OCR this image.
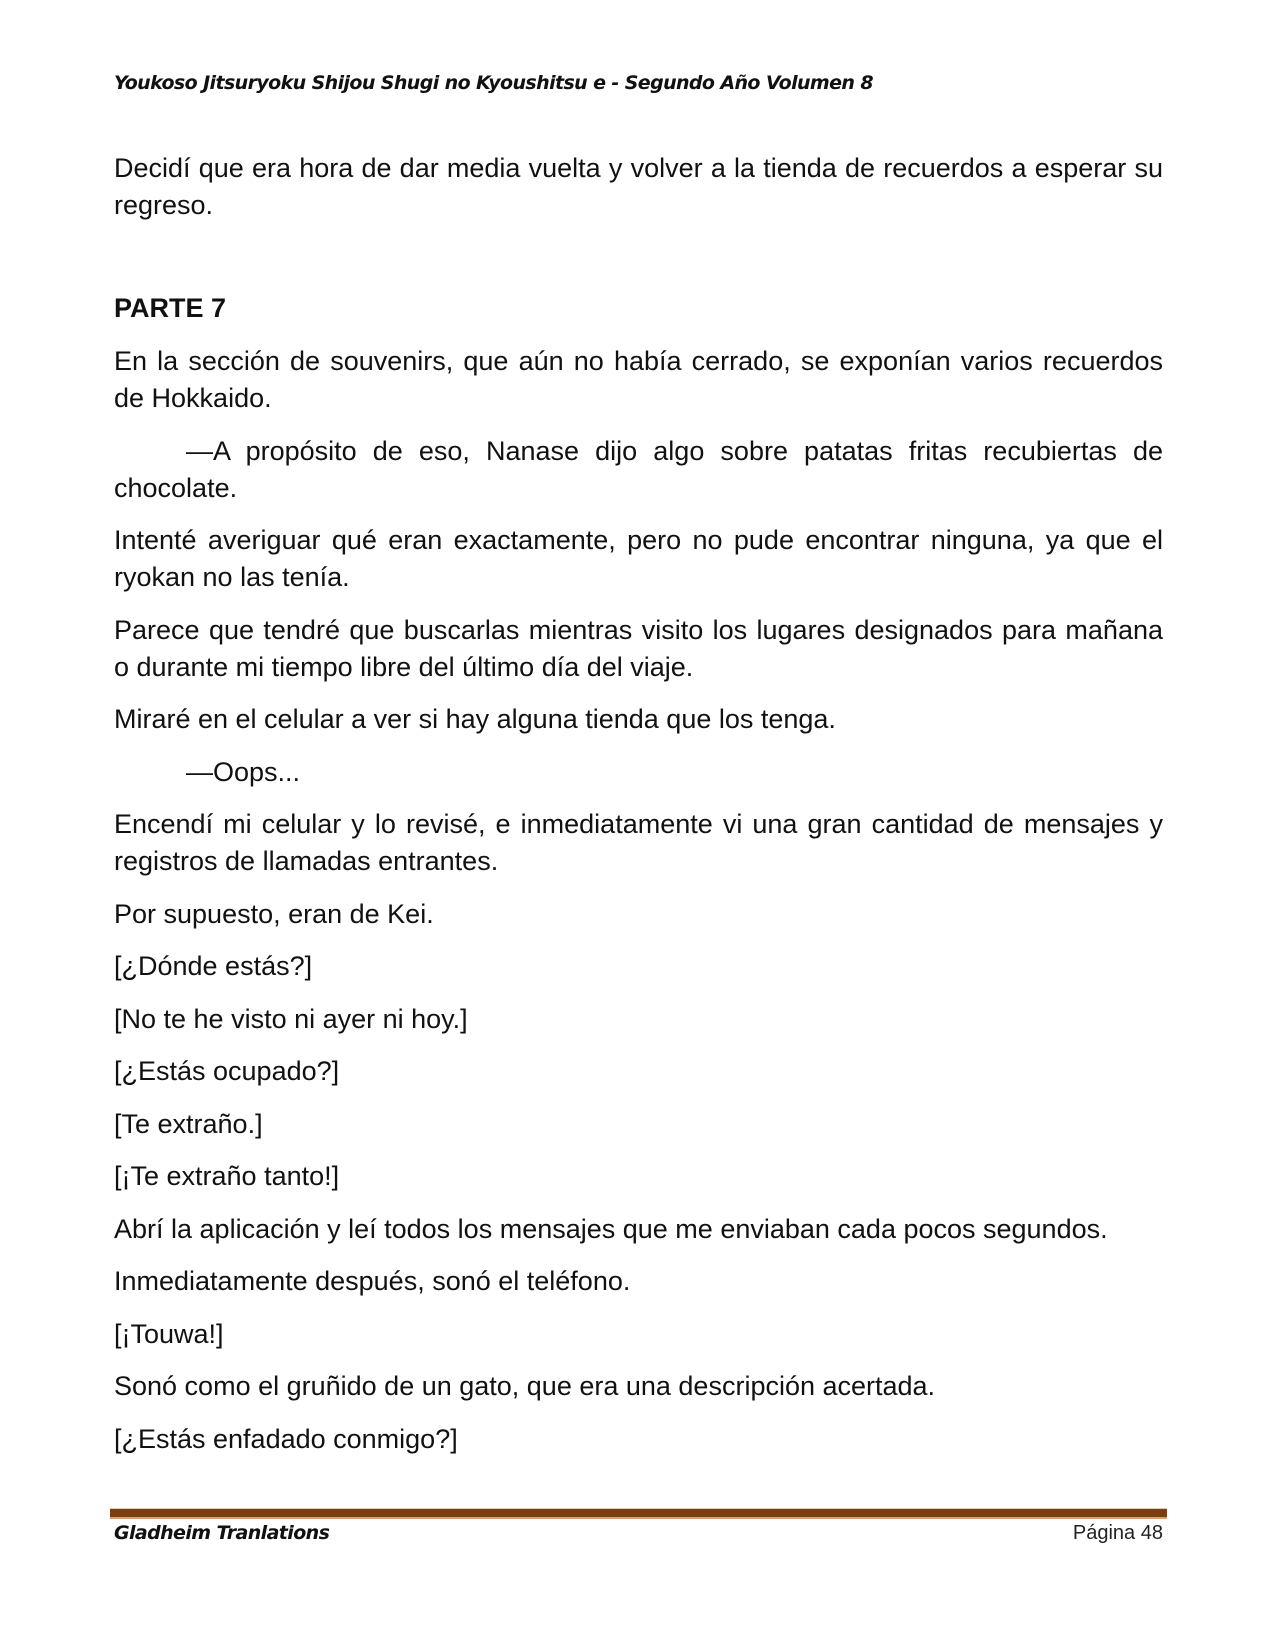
Youkoso Jitsuryoku Shijou Shugi no Kyoushitsu e - Segundo Año Volumen 8

Decidí que era hora de dar media vuelta y volver a la tienda de recuerdos a esperar su regreso.

PARTE 7

En la sección de souvenirs, que aún no había cerrado, se exponían varios recuerdos de Hokkaido.

—A propósito de eso, Nanase dijo algo sobre patatas fritas recubiertas de chocolate.

Intenté averiguar qué eran exactamente, pero no pude encontrar ninguna, ya que el ryokan no las tenía.

Parece que tendré que buscarlas mientras visito los lugares designados para mañana o durante mi tiempo libre del último día del viaje.

Miraré en el celular a ver si hay alguna tienda que los tenga.

—Oops...

Encendí mi celular y lo revisé, e inmediatamente vi una gran cantidad de mensajes y registros de llamadas entrantes.

Por supuesto, eran de Kei.

[¿Dónde estás?]

[No te he visto ni ayer ni hoy.]

[¿Estás ocupado?]

[Te extraño.]

[¡Te extraño tanto!]

Abrí la aplicación y leí todos los mensajes que me enviaban cada pocos segundos.

Inmediatamente después, sonó el teléfono.

[¡Touwa!]

Sonó como el gruñido de un gato, que era una descripción acertada.

[¿Estás enfadado conmigo?]

Gladheim Tranlations	Página 48
